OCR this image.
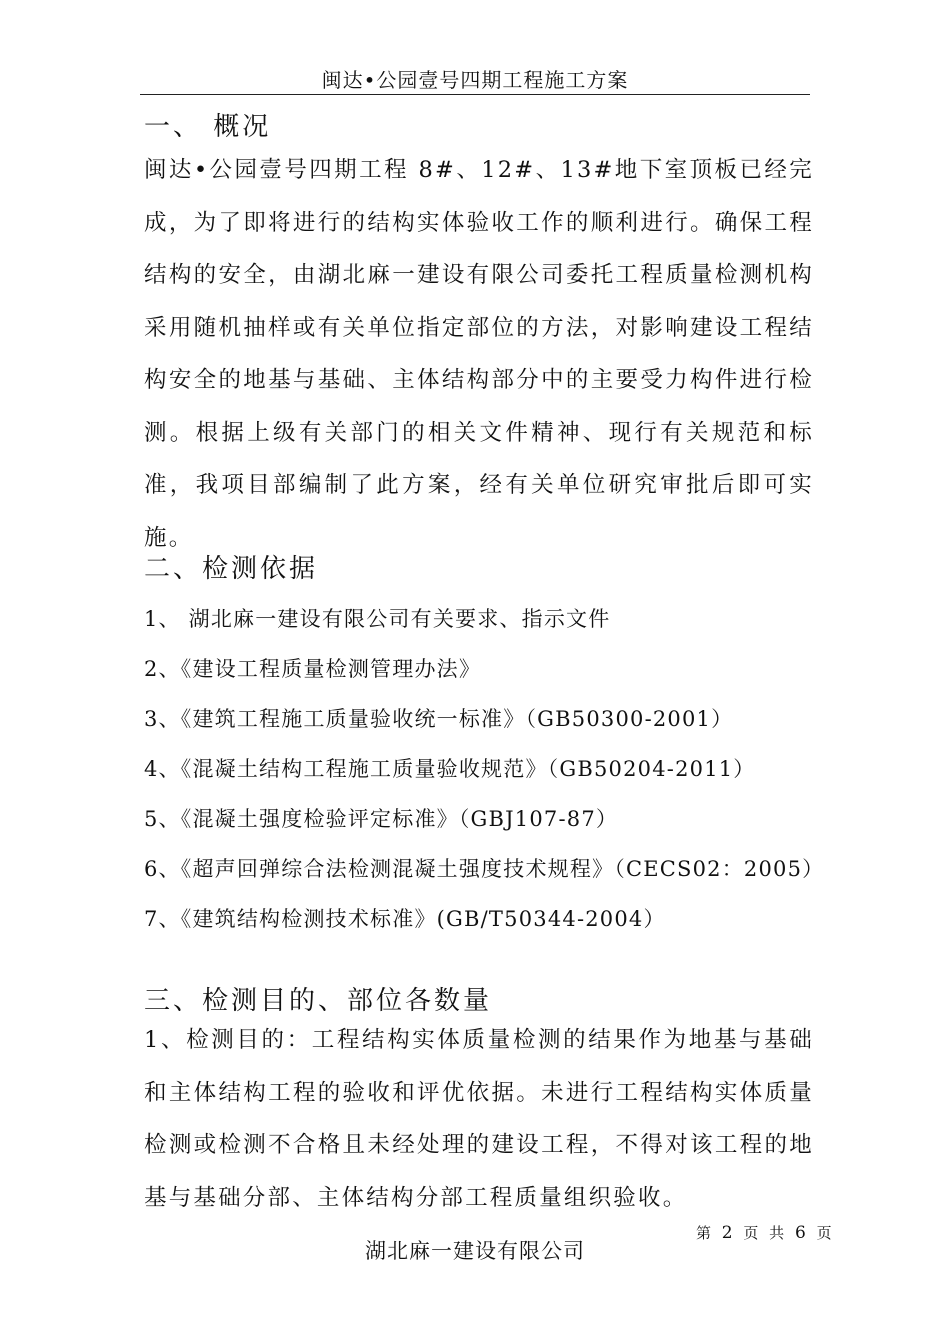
闽达•公园壹号四期工程施工方案
一、 概况
闽达•公园壹号四期工程 8#、12#、13#地下室顶板已经完成，为了即将进行的结构实体验收工作的顺利进行。确保工程结构的安全，由湖北麻一建设有限公司委托工程质量检测机构采用随机抽样或有关单位指定部位的方法，对影响建设工程结构安全的地基与基础、主体结构部分中的主要受力构件进行检测。根据上级有关部门的相关文件精神、现行有关规范和标准，我项目部编制了此方案，经有关单位研究审批后即可实施。
二、检测依据
1、 湖北麻一建设有限公司有关要求、指示文件
2、《建设工程质量检测管理办法》
3、《建筑工程施工质量验收统一标准》（GB50300-2001）
4、《混凝土结构工程施工质量验收规范》（GB50204-2011）
5、《混凝土强度检验评定标准》（GBJ107-87）
6、《超声回弹综合法检测混凝土强度技术规程》（CECS02：2005）
7、《建筑结构检测技术标准》(GB/T50344-2004）
三、检测目的、部位各数量
1、检测目的：工程结构实体质量检测的结果作为地基与基础和主体结构工程的验收和评优依据。未进行工程结构实体质量检测或检测不合格且未经处理的建设工程，不得对该工程的地基与基础分部、主体结构分部工程质量组织验收。
第 2 页 共 6 页
湖北麻一建设有限公司
